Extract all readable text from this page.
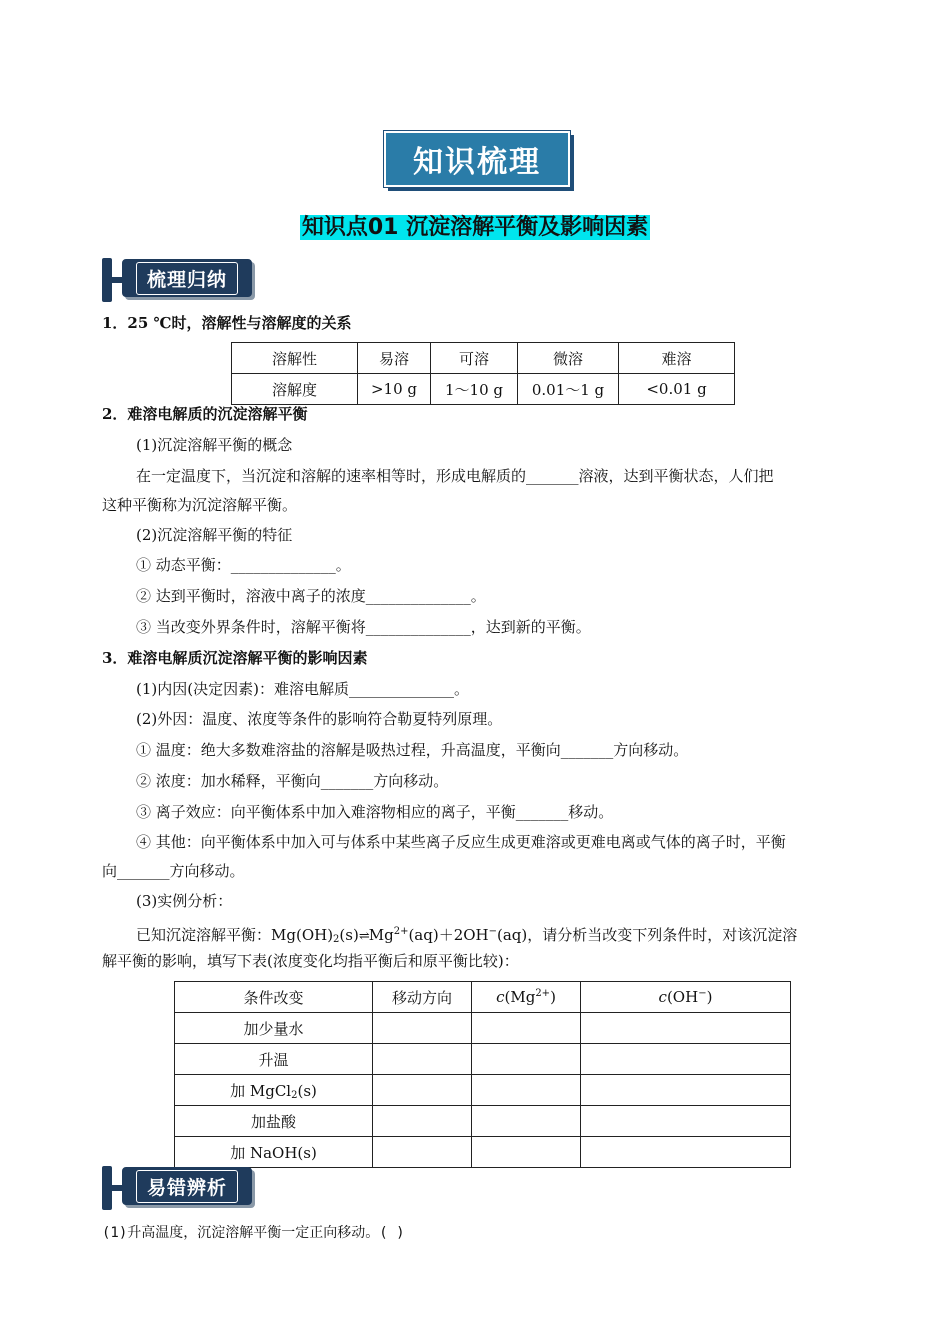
知识梳理
知识点01 沉淀溶解平衡及影响因素
梳理归纳
1．25 ℃时，溶解性与溶解度的关系
溶解性	易溶	可溶	微溶	难溶
溶解度	>10 g	1～10 g	0.01～1 g	<0.01 g
2．难溶电解质的沉淀溶解平衡
(1)沉淀溶解平衡的概念
在一定温度下，当沉淀和溶解的速率相等时，形成电解质的_______溶液，达到平衡状态，人们把
这种平衡称为沉淀溶解平衡。
(2)沉淀溶解平衡的特征
① 动态平衡：______________。
② 达到平衡时，溶液中离子的浓度______________。
③ 当改变外界条件时，溶解平衡将______________，达到新的平衡。
3．难溶电解质沉淀溶解平衡的影响因素
(1)内因(决定因素)：难溶电解质______________。
(2)外因：温度、浓度等条件的影响符合勒夏特列原理。
① 温度：绝大多数难溶盐的溶解是吸热过程，升高温度，平衡向_______方向移动。
② 浓度：加水稀释，平衡向_______方向移动。
③ 离子效应：向平衡体系中加入难溶物相应的离子，平衡_______移动。
④ 其他：向平衡体系中加入可与体系中某些离子反应生成更难溶或更难电离或气体的离子时，平衡
向_______方向移动。
(3)实例分析：
已知沉淀溶解平衡：$Mg(OH)_2(s)\rightleftharpoons Mg^{2+}(aq)+2OH^-(aq)$，请分析当改变下列条件时，对该沉淀溶
解平衡的影响，填写下表(浓度变化均指平衡后和原平衡比较)：
条件改变	移动方向	$c(Mg^{2+})$	c(OH−)
加少量水			
升温			
加 MgCl$_2$(s)			
加盐酸			
加 NaOH(s)			
易错辨析
(1)升高温度，沉淀溶解平衡一定正向移动。( )
